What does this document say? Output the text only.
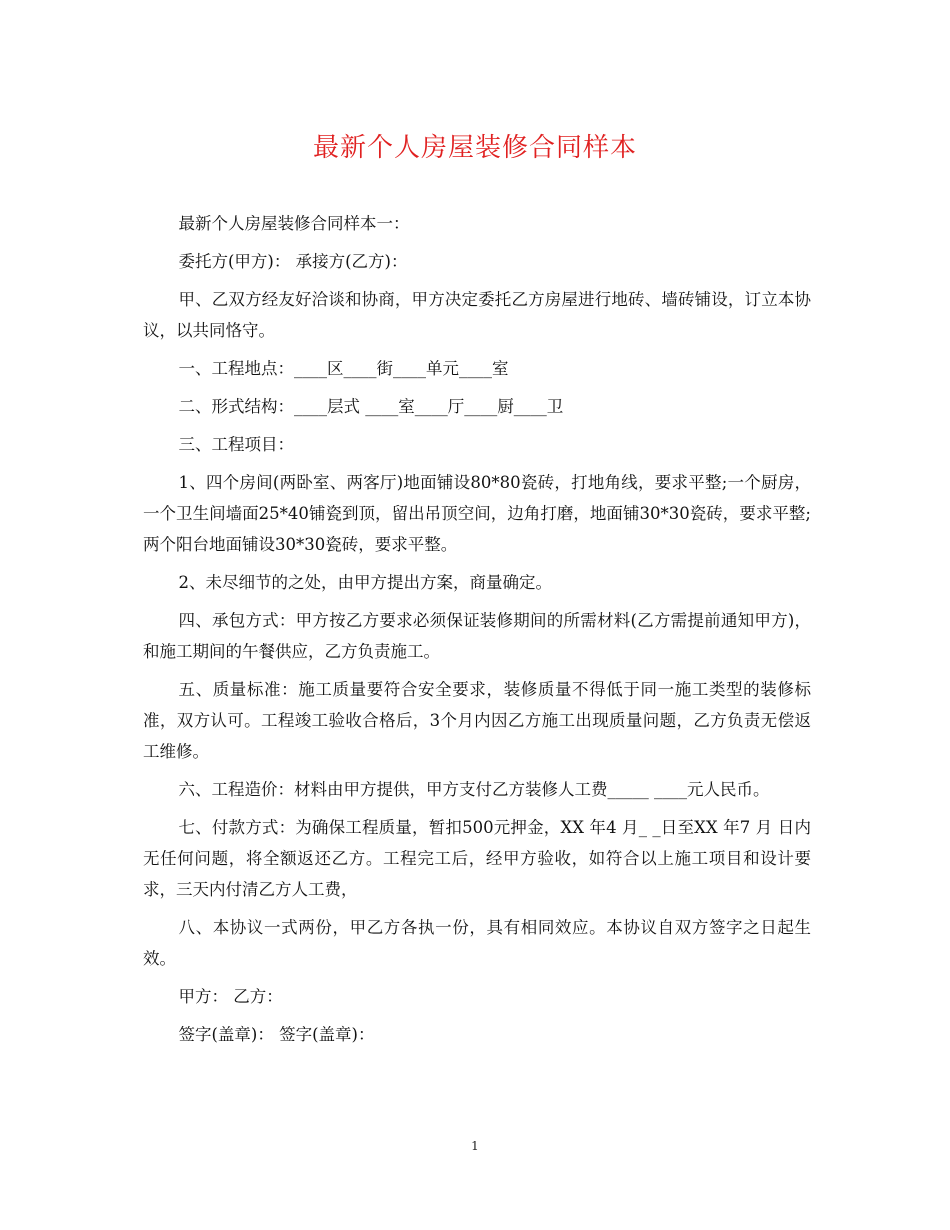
最新个人房屋装修合同样本

最新个人房屋装修合同样本一：

委托方(甲方)： 承接方(乙方)：

甲、乙双方经友好洽谈和协商，甲方决定委托乙方房屋进行地砖、墙砖铺设，订立本协议，以共同恪守。

一、工程地点：____区____街____单元____室

二、形式结构：____层式 ____室____厅____厨____卫

三、工程项目：

1、四个房间(两卧室、两客厅)地面铺设80*80瓷砖，打地角线，要求平整;一个厨房，一个卫生间墙面25*40铺瓷到顶，留出吊顶空间，边角打磨，地面铺30*30瓷砖，要求平整;两个阳台地面铺设30*30瓷砖，要求平整。

2、未尽细节的之处，由甲方提出方案，商量确定。

四、承包方式：甲方按乙方要求必须保证装修期间的所需材料(乙方需提前通知甲方)，和施工期间的午餐供应，乙方负责施工。

五、质量标准：施工质量要符合安全要求，装修质量不得低于同一施工类型的装修标准，双方认可。工程竣工验收合格后，3个月内因乙方施工出现质量问题，乙方负责无偿返工维修。

六、工程造价：材料由甲方提供，甲方支付乙方装修人工费_____ ____元人民币。

七、付款方式：为确保工程质量，暂扣500元押金，XX 年4 月_ _日至XX 年7 月 日内无任何问题，将全额返还乙方。工程完工后，经甲方验收，如符合以上施工项目和设计要求，三天内付清乙方人工费，

八、本协议一式两份，甲乙方各执一份，具有相同效应。本协议自双方签字之日起生效。

甲方： 乙方：

签字(盖章)： 签字(盖章)：

1
